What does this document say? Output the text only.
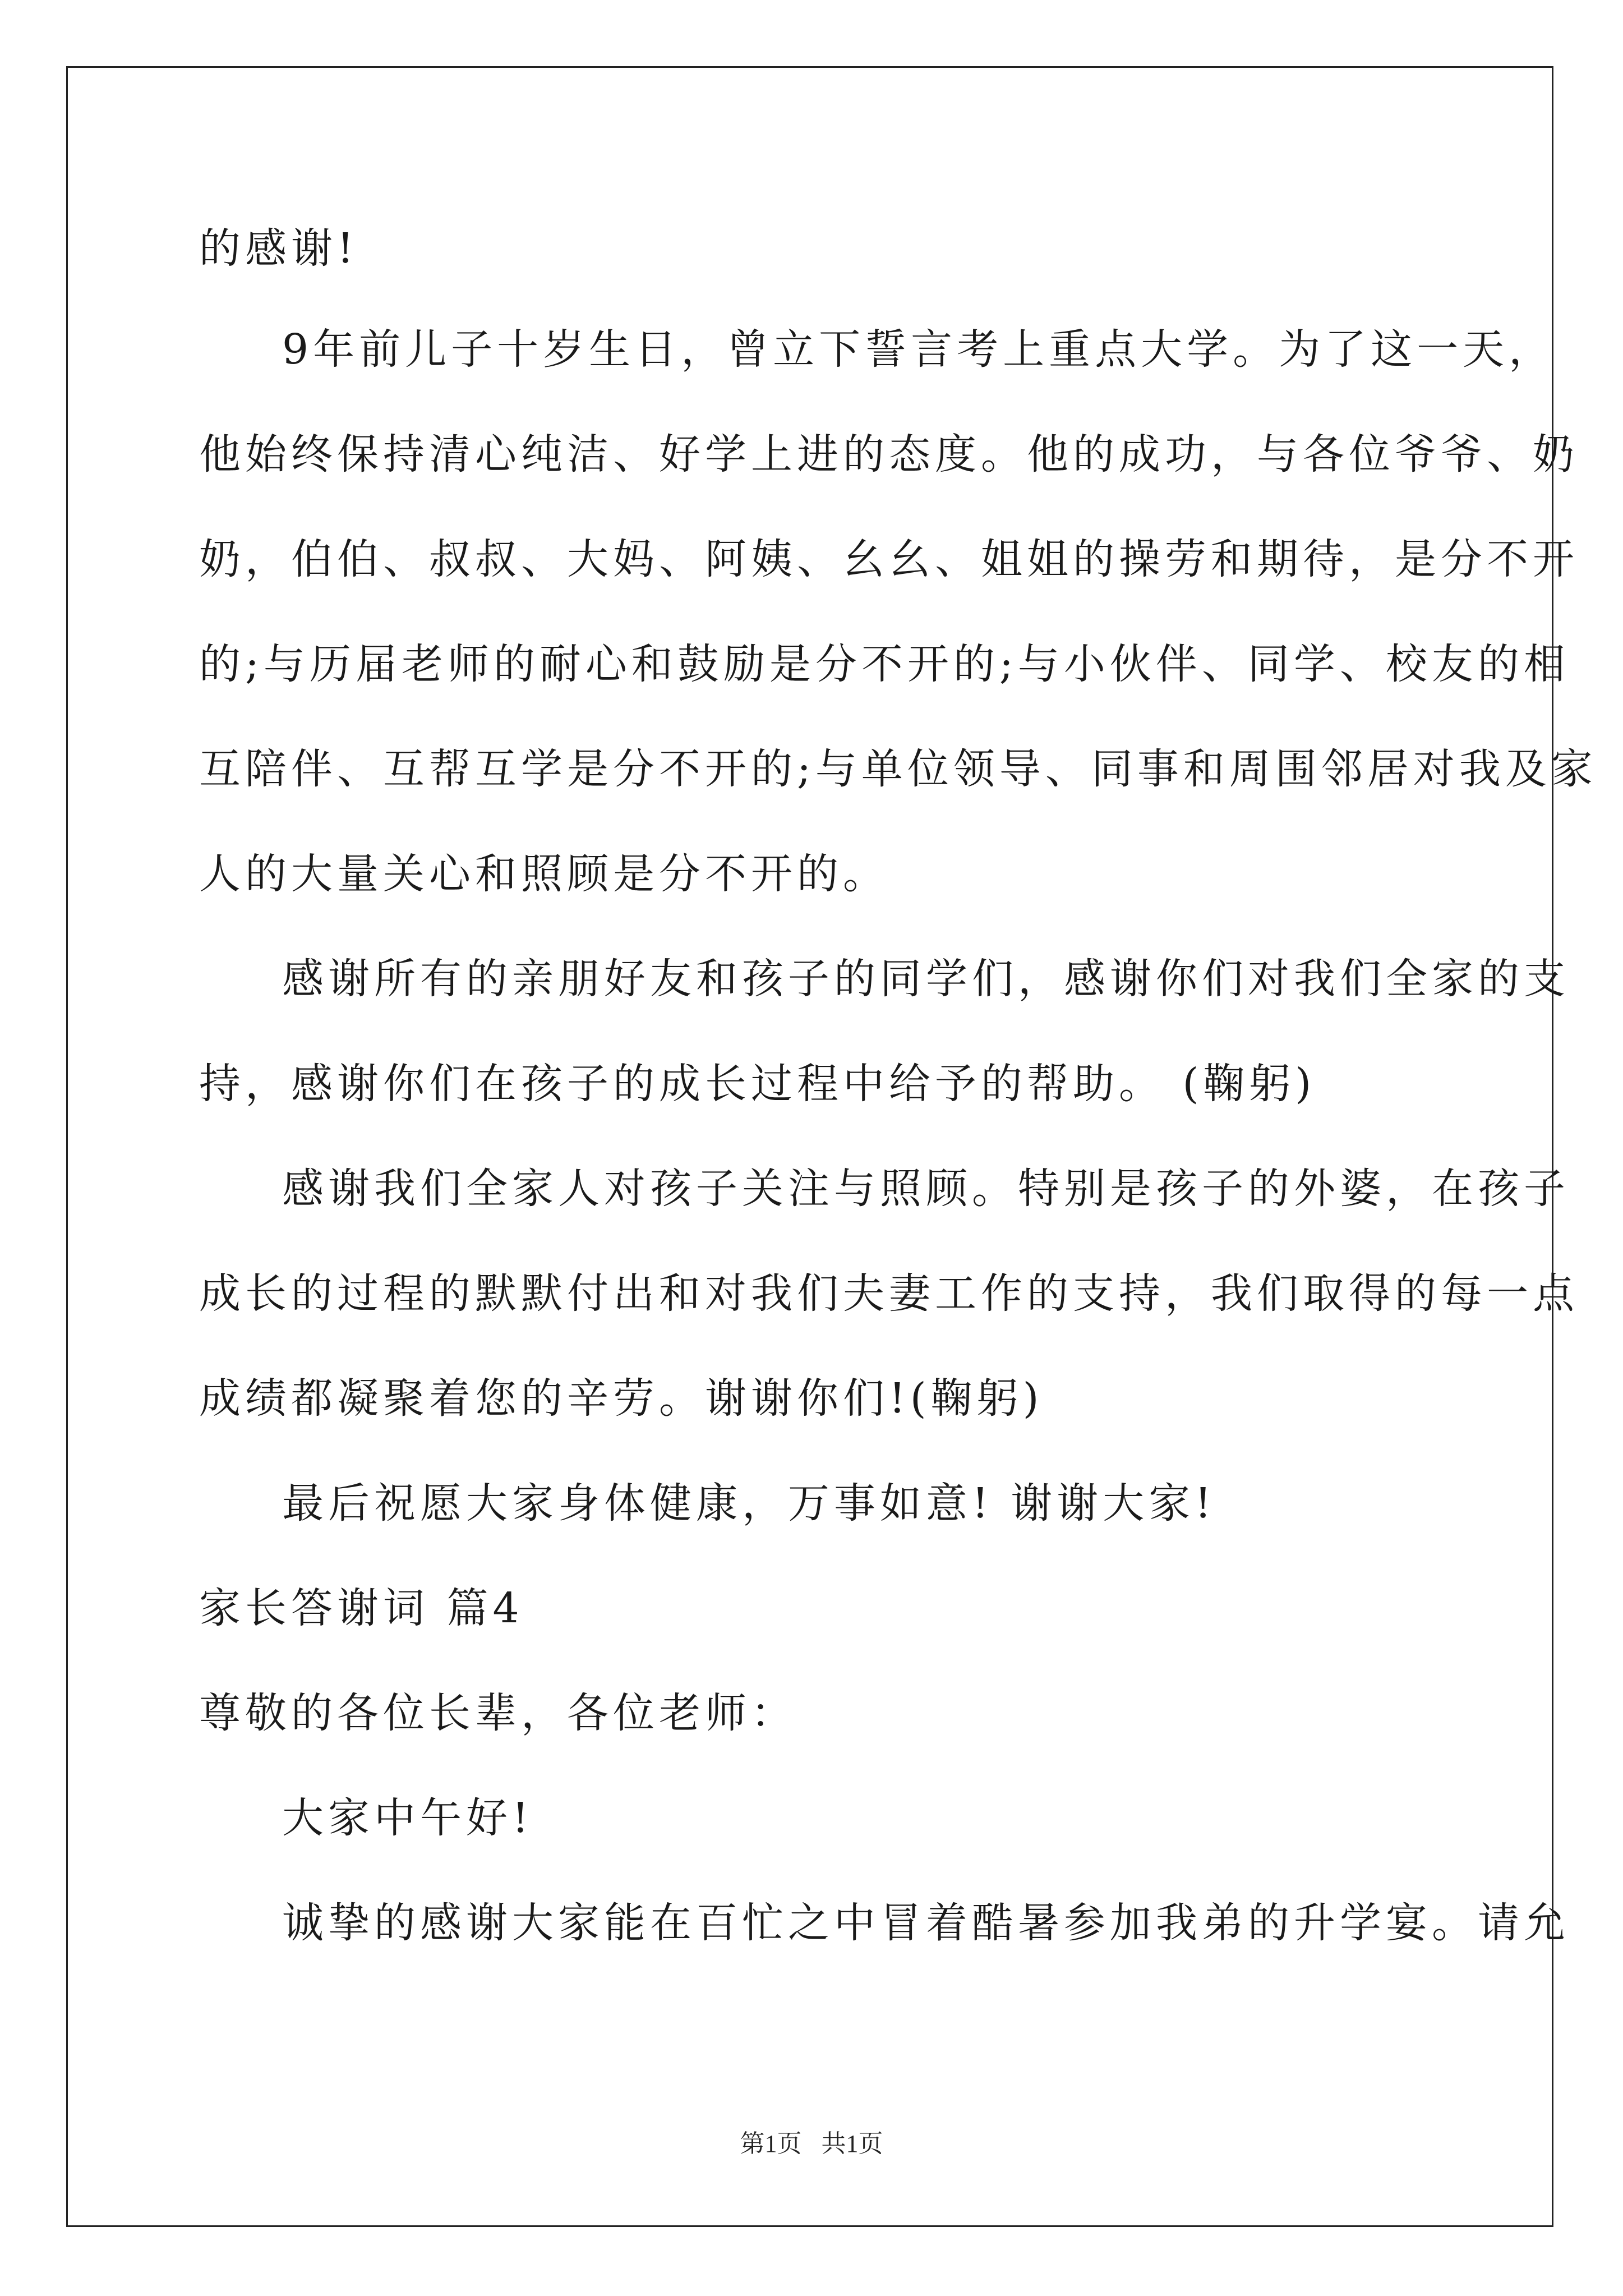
的感谢!
9年前儿子十岁生日，曾立下誓言考上重点大学。为了这一天，
他始终保持清心纯洁、好学上进的态度。他的成功，与各位爷爷、奶
奶，伯伯、叔叔、大妈、阿姨、幺幺、姐姐的操劳和期待，是分不开
的;与历届老师的耐心和鼓励是分不开的;与小伙伴、同学、校友的相
互陪伴、互帮互学是分不开的;与单位领导、同事和周围邻居对我及家
人的大量关心和照顾是分不开的。
感谢所有的亲朋好友和孩子的同学们，感谢你们对我们全家的支
持，感谢你们在孩子的成长过程中给予的帮助。 (鞠躬)
感谢我们全家人对孩子关注与照顾。特别是孩子的外婆，在孩子
成长的过程的默默付出和对我们夫妻工作的支持，我们取得的每一点
成绩都凝聚着您的辛劳。谢谢你们!(鞠躬)
最后祝愿大家身体健康，万事如意! 谢谢大家!
家长答谢词 篇4
尊敬的各位长辈，各位老师：
大家中午好!
诚挚的感谢大家能在百忙之中冒着酷暑参加我弟的升学宴。请允
第1页 共1页
